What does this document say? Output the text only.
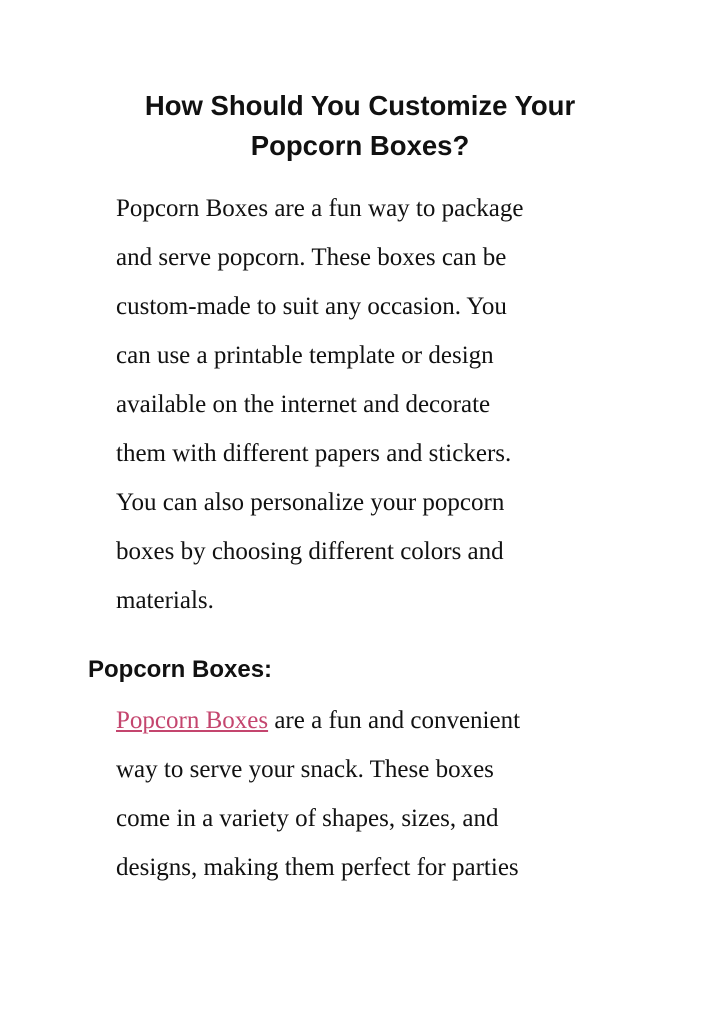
How Should You Customize Your
Popcorn Boxes?

Popcorn Boxes are a fun way to package
and serve popcorn. These boxes can be
custom-made to suit any occasion. You
can use a printable template or design
available on the internet and decorate
them with different papers and stickers.
You can also personalize your popcorn
boxes by choosing different colors and
materials.

Popcorn Boxes:

Popcorn Boxes are a fun and convenient
way to serve your snack. These boxes
come in a variety of shapes, sizes, and
designs, making them perfect for parties
